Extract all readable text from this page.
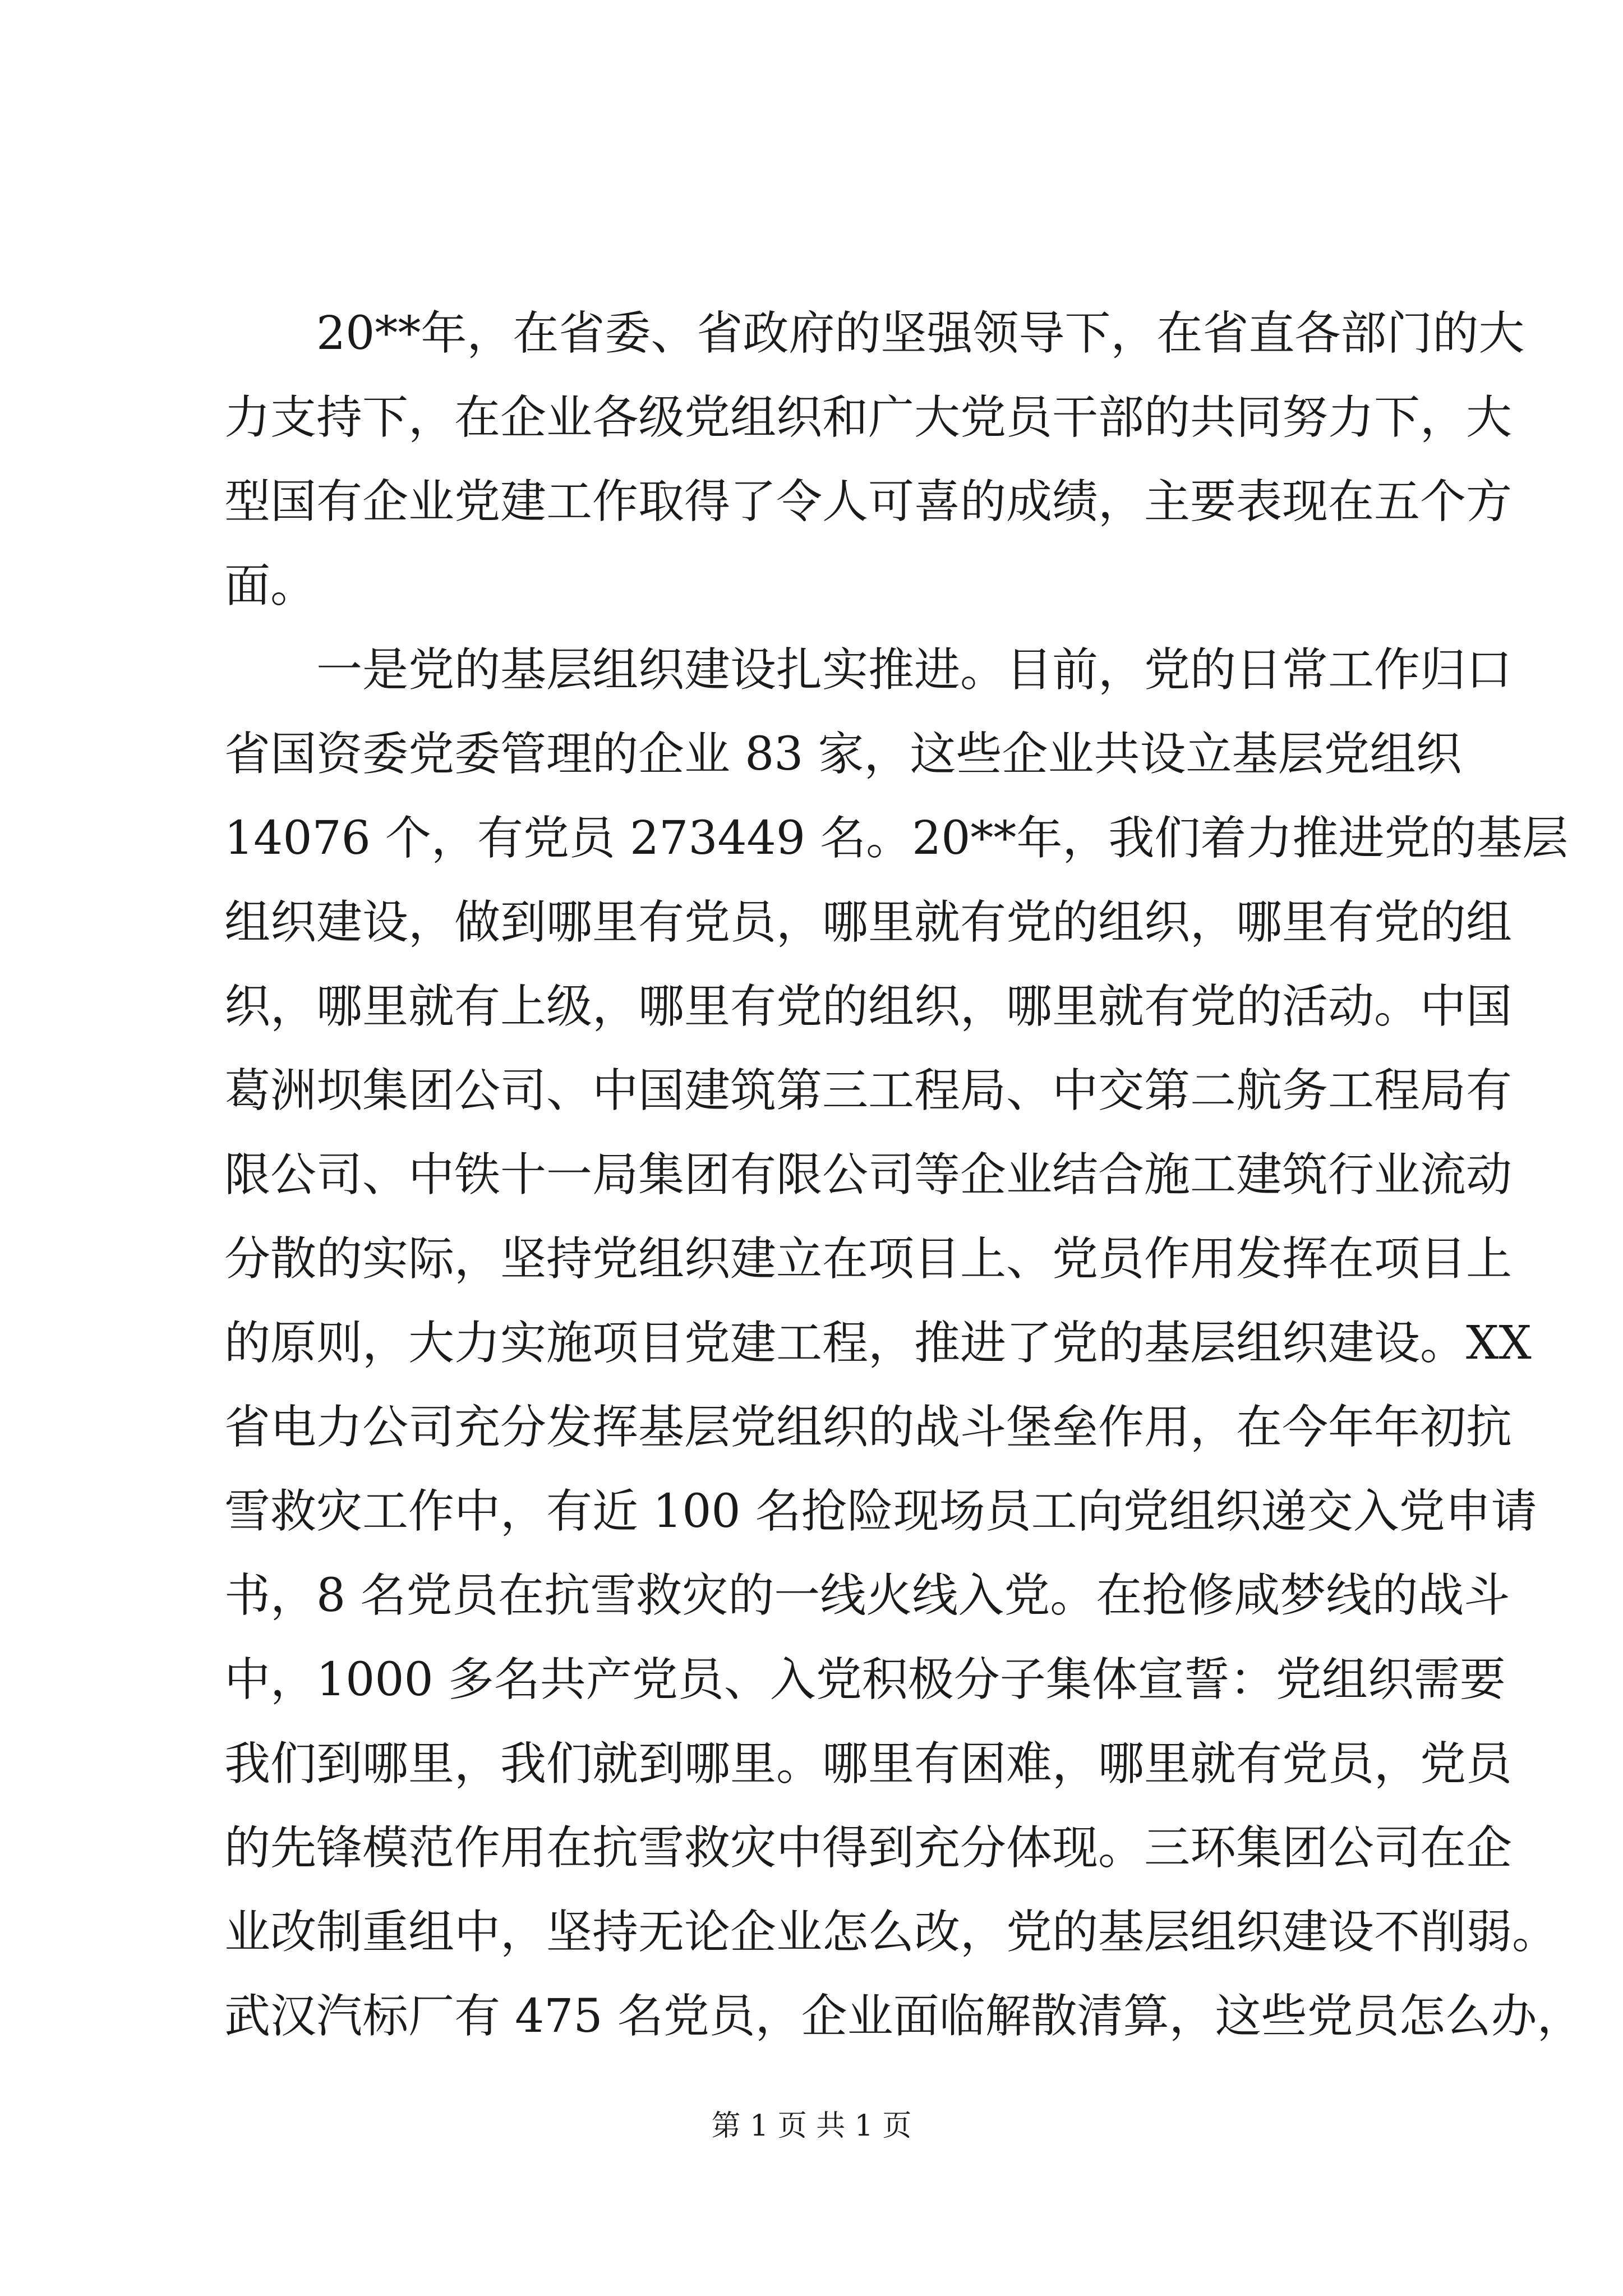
20**年，在省委、省政府的坚强领导下，在省直各部门的大
力支持下，在企业各级党组织和广大党员干部的共同努力下，大
型国有企业党建工作取得了令人可喜的成绩，主要表现在五个方
面。
一是党的基层组织建设扎实推进。目前，党的日常工作归口
省国资委党委管理的企业 83 家，这些企业共设立基层党组织
14076 个，有党员 273449 名。20**年，我们着力推进党的基层
组织建设，做到哪里有党员，哪里就有党的组织，哪里有党的组
织，哪里就有上级，哪里有党的组织，哪里就有党的活动。中国
葛洲坝集团公司、中国建筑第三工程局、中交第二航务工程局有
限公司、中铁十一局集团有限公司等企业结合施工建筑行业流动
分散的实际，坚持党组织建立在项目上、党员作用发挥在项目上
的原则，大力实施项目党建工程，推进了党的基层组织建设。XX
省电力公司充分发挥基层党组织的战斗堡垒作用，在今年年初抗
雪救灾工作中，有近 100 名抢险现场员工向党组织递交入党申请
书，8 名党员在抗雪救灾的一线火线入党。在抢修咸梦线的战斗
中，1000 多名共产党员、入党积极分子集体宣誓：党组织需要
我们到哪里，我们就到哪里。哪里有困难，哪里就有党员，党员
的先锋模范作用在抗雪救灾中得到充分体现。三环集团公司在企
业改制重组中，坚持无论企业怎么改，党的基层组织建设不削弱。
武汉汽标厂有 475 名党员，企业面临解散清算，这些党员怎么办，
第 1 页 共 1 页
